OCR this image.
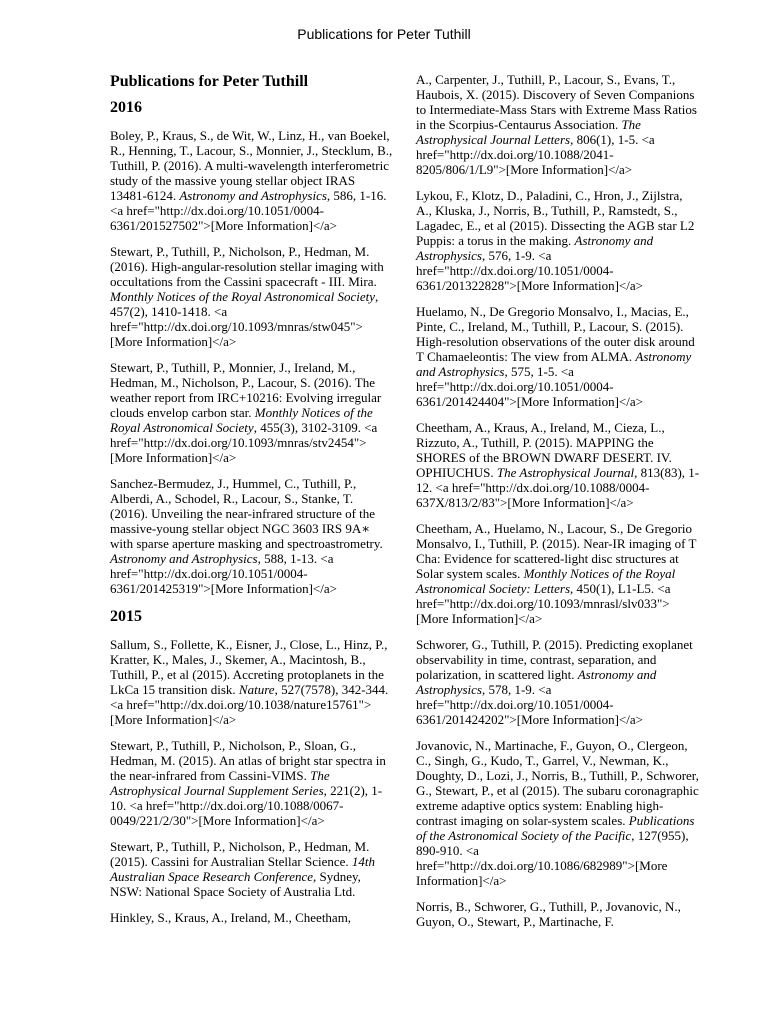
Publications for Peter Tuthill
Publications for Peter Tuthill
2016
Boley, P., Kraus, S., de Wit, W., Linz, H., van Boekel, R., Henning, T., Lacour, S., Monnier, J., Stecklum, B., Tuthill, P. (2016). A multi-wavelength interferometric study of the massive young stellar object IRAS 13481-6124. Astronomy and Astrophysics, 586, 1-16. <a href="http://dx.doi.org/10.1051/0004-6361/201527502">[More Information]</a>
Stewart, P., Tuthill, P., Nicholson, P., Hedman, M. (2016). High-angular-resolution stellar imaging with occultations from the Cassini spacecraft - III. Mira. Monthly Notices of the Royal Astronomical Society, 457(2), 1410-1418. <a href="http://dx.doi.org/10.1093/mnras/stw045">[More Information]</a>
Stewart, P., Tuthill, P., Monnier, J., Ireland, M., Hedman, M., Nicholson, P., Lacour, S. (2016). The weather report from IRC+10216: Evolving irregular clouds envelop carbon star. Monthly Notices of the Royal Astronomical Society, 455(3), 3102-3109. <a href="http://dx.doi.org/10.1093/mnras/stv2454">[More Information]</a>
Sanchez-Bermudez, J., Hummel, C., Tuthill, P., Alberdi, A., Schodel, R., Lacour, S., Stanke, T. (2016). Unveiling the near-infrared structure of the massive-young stellar object NGC 3603 IRS 9A∗ with sparse aperture masking and spectroastrometry. Astronomy and Astrophysics, 588, 1-13. <a href="http://dx.doi.org/10.1051/0004-6361/201425319">[More Information]</a>
2015
Sallum, S., Follette, K., Eisner, J., Close, L., Hinz, P., Kratter, K., Males, J., Skemer, A., Macintosh, B., Tuthill, P., et al (2015). Accreting protoplanets in the LkCa 15 transition disk. Nature, 527(7578), 342-344. <a href="http://dx.doi.org/10.1038/nature15761">[More Information]</a>
Stewart, P., Tuthill, P., Nicholson, P., Sloan, G., Hedman, M. (2015). An atlas of bright star spectra in the near-infrared from Cassini-VIMS. The Astrophysical Journal Supplement Series, 221(2), 1-10. <a href="http://dx.doi.org/10.1088/0067-0049/221/2/30">[More Information]</a>
Stewart, P., Tuthill, P., Nicholson, P., Hedman, M. (2015). Cassini for Australian Stellar Science. 14th Australian Space Research Conference, Sydney, NSW: National Space Society of Australia Ltd.
Hinkley, S., Kraus, A., Ireland, M., Cheetham,
A., Carpenter, J., Tuthill, P., Lacour, S., Evans, T., Haubois, X. (2015). Discovery of Seven Companions to Intermediate-Mass Stars with Extreme Mass Ratios in the Scorpius-Centaurus Association. The Astrophysical Journal Letters, 806(1), 1-5. <a href="http://dx.doi.org/10.1088/2041-8205/806/1/L9">[More Information]</a>
Lykou, F., Klotz, D., Paladini, C., Hron, J., Zijlstra, A., Kluska, J., Norris, B., Tuthill, P., Ramstedt, S., Lagadec, E., et al (2015). Dissecting the AGB star L2 Puppis: a torus in the making. Astronomy and Astrophysics, 576, 1-9. <a href="http://dx.doi.org/10.1051/0004-6361/201322828">[More Information]</a>
Huelamo, N., De Gregorio Monsalvo, I., Macias, E., Pinte, C., Ireland, M., Tuthill, P., Lacour, S. (2015). High-resolution observations of the outer disk around T Chamaeleontis: The view from ALMA. Astronomy and Astrophysics, 575, 1-5. <a href="http://dx.doi.org/10.1051/0004-6361/201424404">[More Information]</a>
Cheetham, A., Kraus, A., Ireland, M., Cieza, L., Rizzuto, A., Tuthill, P. (2015). MAPPING the SHORES of the BROWN DWARF DESERT. IV. OPHIUCHUS. The Astrophysical Journal, 813(83), 1-12. <a href="http://dx.doi.org/10.1088/0004-637X/813/2/83">[More Information]</a>
Cheetham, A., Huelamo, N., Lacour, S., De Gregorio Monsalvo, I., Tuthill, P. (2015). Near-IR imaging of T Cha: Evidence for scattered-light disc structures at Solar system scales. Monthly Notices of the Royal Astronomical Society: Letters, 450(1), L1-L5. <a href="http://dx.doi.org/10.1093/mnrasl/slv033">[More Information]</a>
Schworer, G., Tuthill, P. (2015). Predicting exoplanet observability in time, contrast, separation, and polarization, in scattered light. Astronomy and Astrophysics, 578, 1-9. <a href="http://dx.doi.org/10.1051/0004-6361/201424202">[More Information]</a>
Jovanovic, N., Martinache, F., Guyon, O., Clergeon, C., Singh, G., Kudo, T., Garrel, V., Newman, K., Doughty, D., Lozi, J., Norris, B., Tuthill, P., Schworer, G., Stewart, P., et al (2015). The subaru coronagraphic extreme adaptive optics system: Enabling high-contrast imaging on solar-system scales. Publications of the Astronomical Society of the Pacific, 127(955), 890-910. <a href="http://dx.doi.org/10.1086/682989">[More Information]</a>
Norris, B., Schworer, G., Tuthill, P., Jovanovic, N., Guyon, O., Stewart, P., Martinache, F.
